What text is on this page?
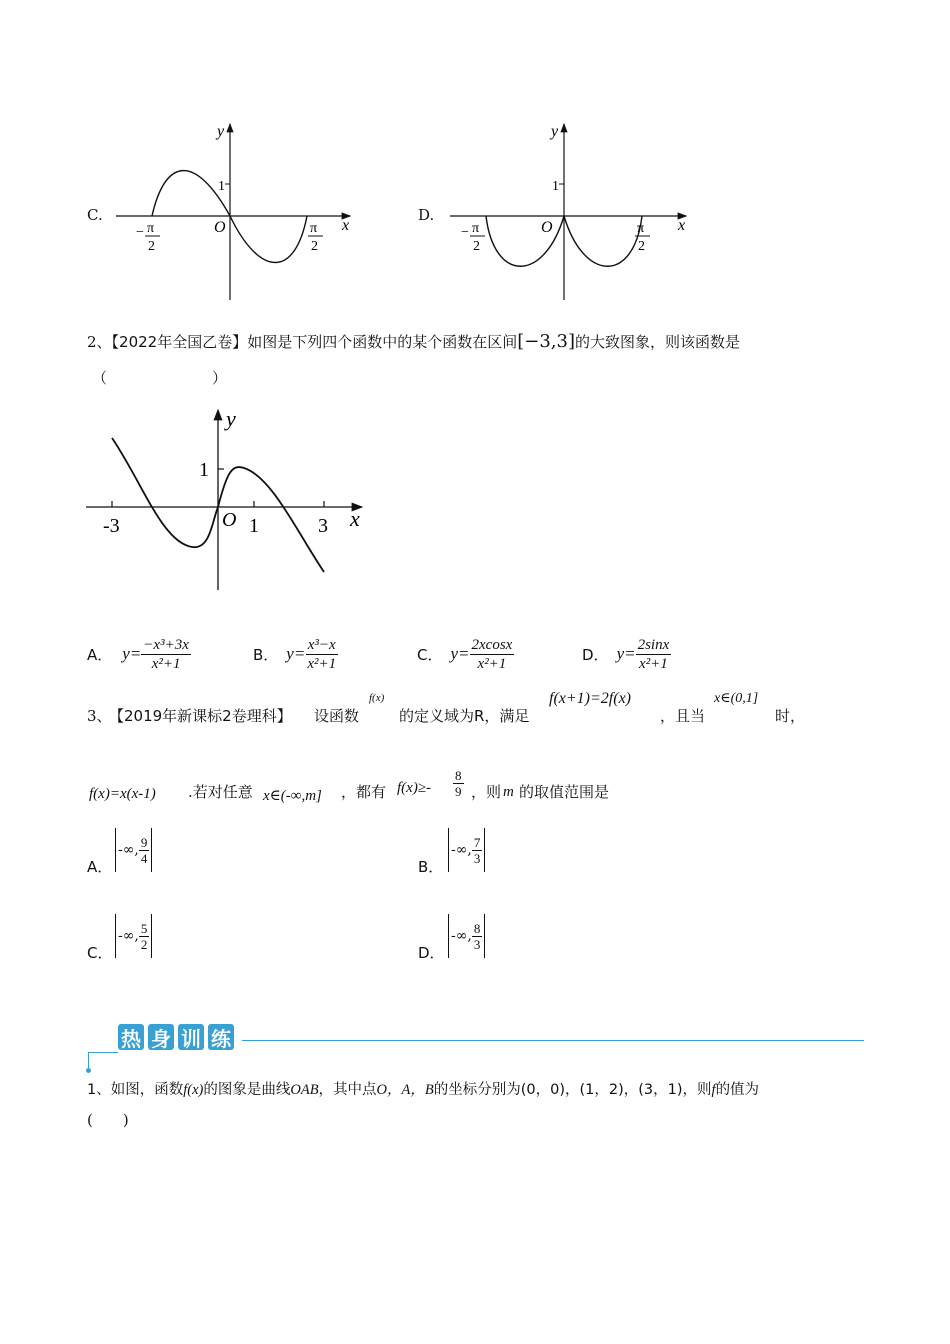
C.
y
x
O
1
− π
2
π
2
D.
y
x
O
1
− π
2
π
2
2、【2022年全国乙卷】如图是下列四个函数中的某个函数在区间[−3,3]的大致图象，则该函数是
（　　　　　　　）
y
x
1
O
-3	1	3
A． $y= \frac{\text{−x³+3x}}{\text{x²+1}}$	B． $y= \frac{\text{x³−x}}{\text{x²+1}}$	C． $y= \frac{2xcosx}{\text{x²+1}}$	D． $y= \frac{2\sin x}{\text{x²+1}}$
3、
【2019年新课标2卷理科】 设函数
f(x)
的定义域为R，满足
f(x+1)=2f(x)
，且当
x∈(0,1]
时，
f(x)=x(x-1) .若对任意 x∈(-∞,m] ，都有 $f(x)\ge- \frac{8}{9}$ ，则 m 的取值范围是
A．
-∞, $\frac{9}{4}$
B．
-∞, $\frac{7}{3}$
C．
-∞, $\frac{5}{2}$
D．
-∞, $\frac{8}{3}$
热 身 训 练
1、如图，函数f(x)的图象是曲线OAB，其中点O，A，B的坐标分别为(0，0)，(1，2)，(3，1)，则f的值为
(　　)
